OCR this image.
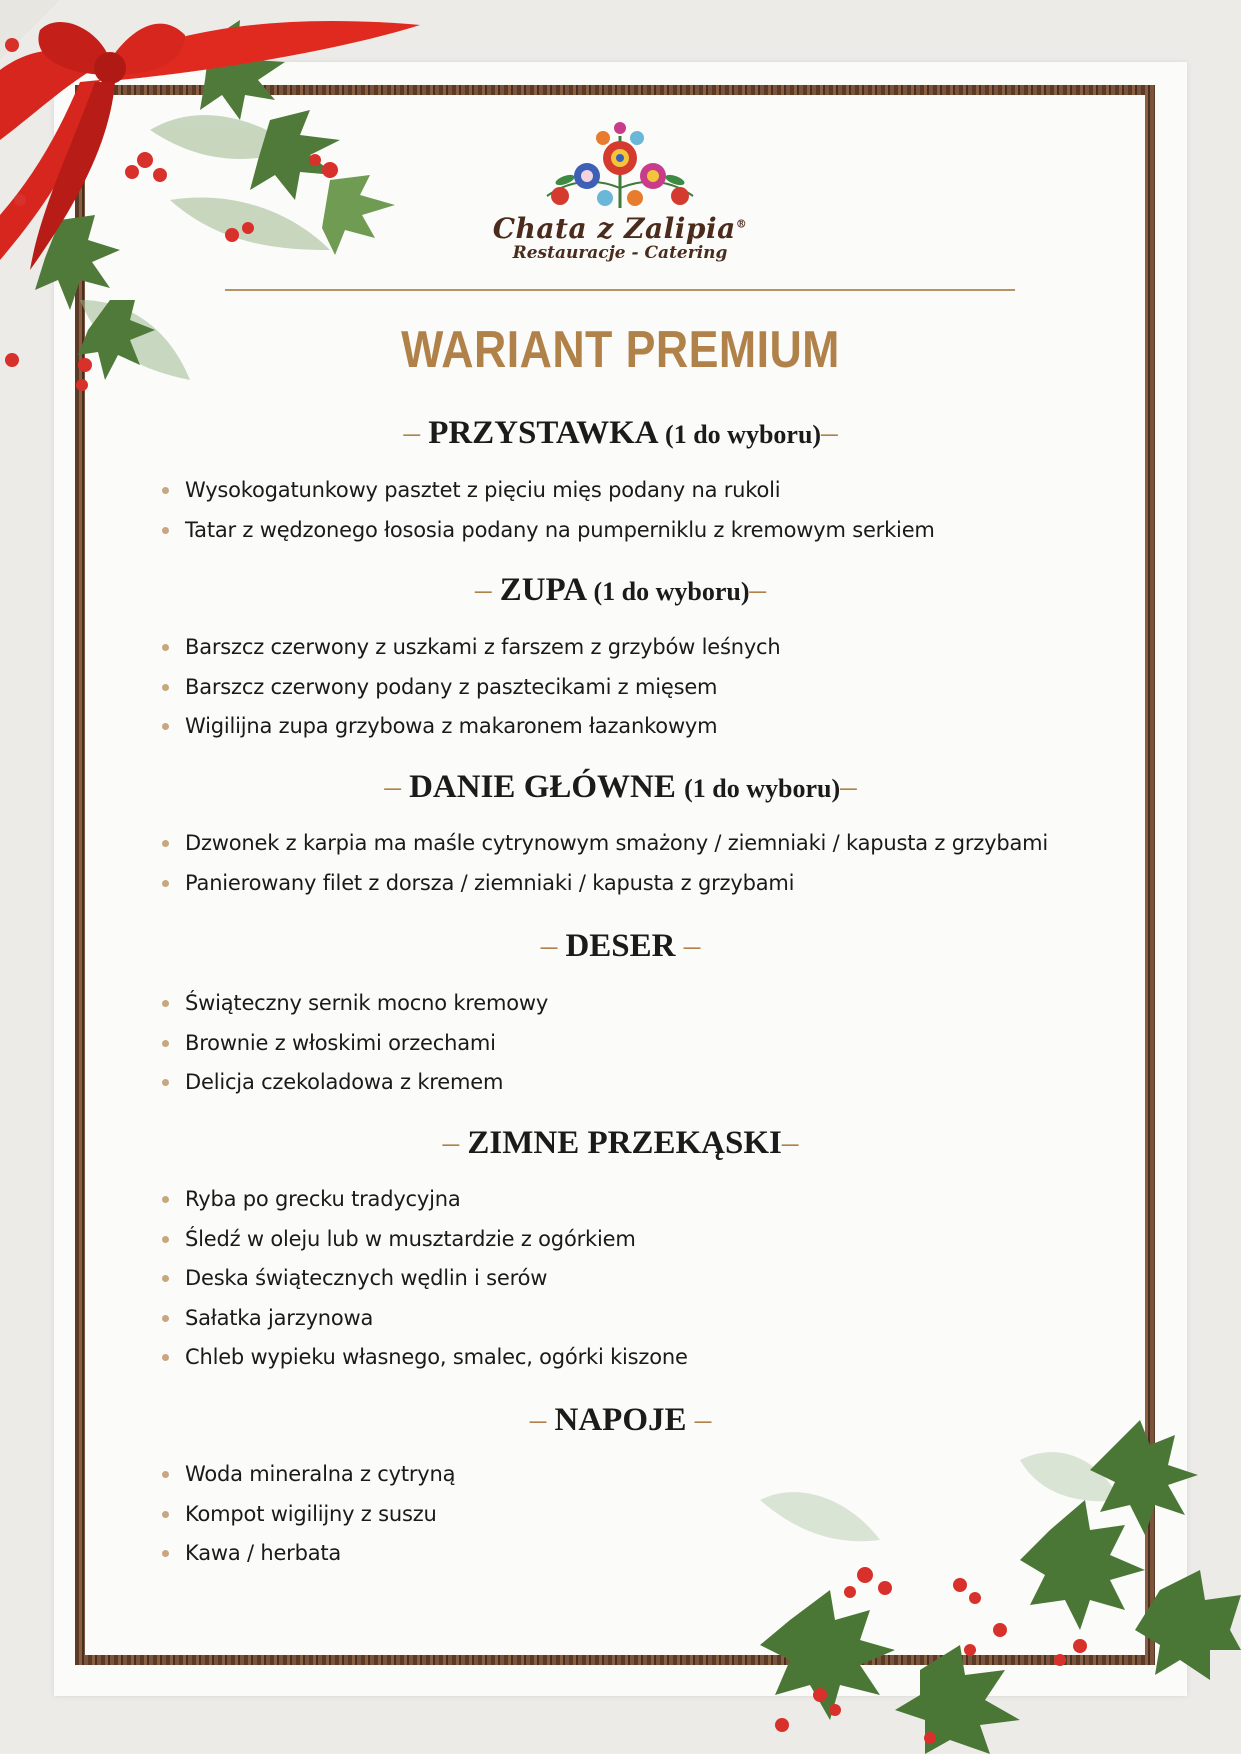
Chata z Zalipia®
Restauracje - Catering
WARIANT PREMIUM
– PRZYSTAWKA (1 do wyboru)–
Wysokogatunkowy pasztet z pięciu mięs podany na rukoli
Tatar z wędzonego łososia podany na pumperniklu z kremowym serkiem
– ZUPA (1 do wyboru)–
Barszcz czerwony z uszkami z farszem z grzybów leśnych
Barszcz czerwony podany z pasztecikami z mięsem
Wigilijna zupa grzybowa z makaronem łazankowym
– DANIE GŁÓWNE (1 do wyboru)–
Dzwonek z karpia ma maśle cytrynowym smażony / ziemniaki / kapusta z grzybami
Panierowany filet z dorsza / ziemniaki / kapusta z grzybami
– DESER –
Świąteczny sernik mocno kremowy
Brownie z włoskimi orzechami
Delicja czekoladowa z kremem
– ZIMNE PRZEKĄSKI–
Ryba po grecku tradycyjna
Śledź w oleju lub w musztardzie z ogórkiem
Deska świątecznych wędlin i serów
Sałatka jarzynowa
Chleb wypieku własnego, smalec, ogórki kiszone
– NAPOJE –
Woda mineralna z cytryną
Kompot wigilijny z suszu
Kawa / herbata
